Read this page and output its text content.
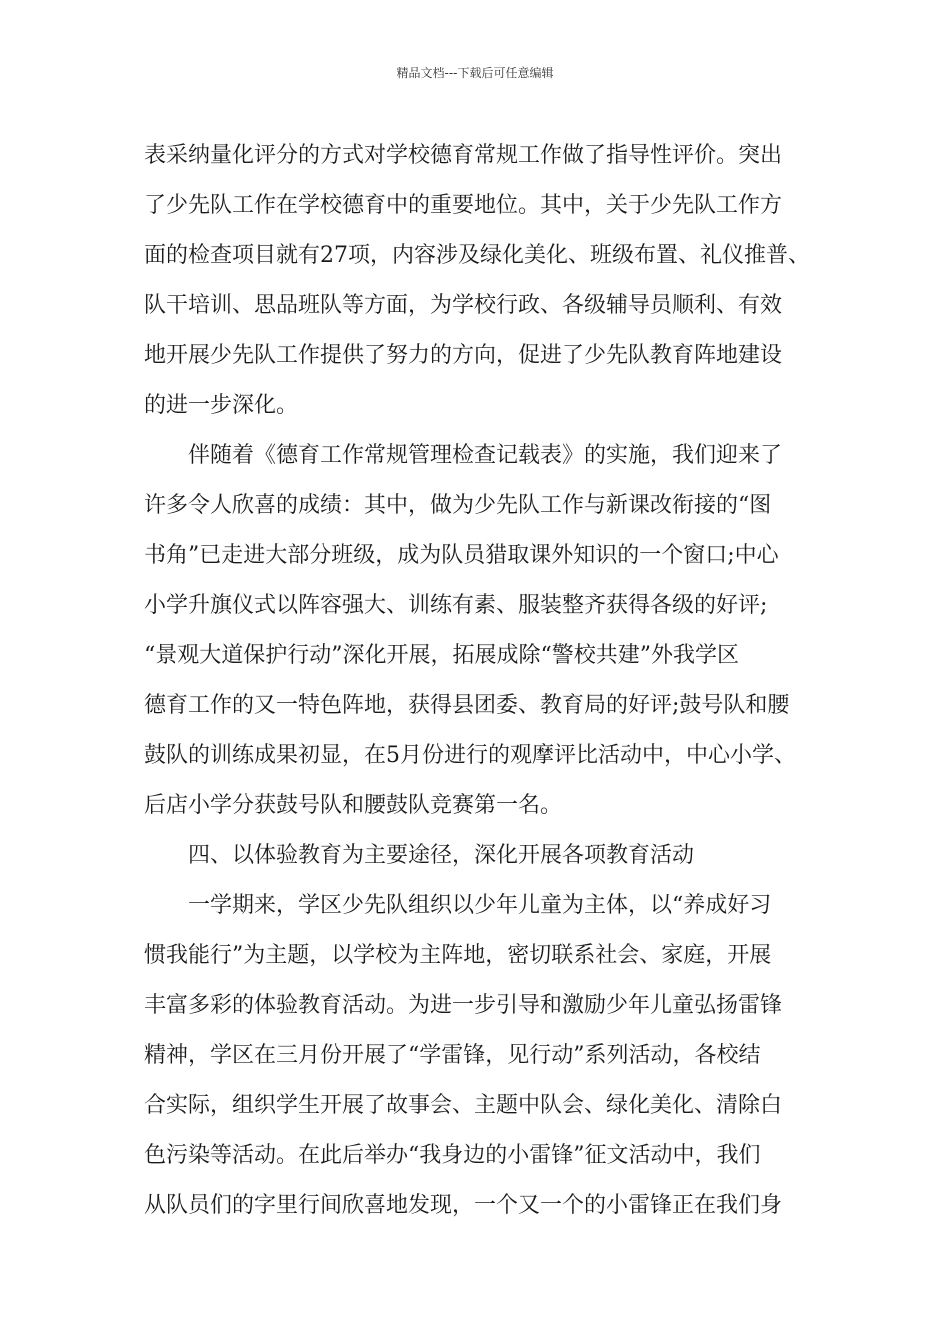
精品文档---下载后可任意编辑
表采纳量化评分的方式对学校德育常规工作做了指导性评价。突出
了少先队工作在学校德育中的重要地位。其中，关于少先队工作方
面的检查项目就有27项，内容涉及绿化美化、班级布置、礼仪推普、
队干培训、思品班队等方面，为学校行政、各级辅导员顺利、有效
地开展少先队工作提供了努力的方向，促进了少先队教育阵地建设
的进一步深化。
　　伴随着《德育工作常规管理检查记载表》的实施，我们迎来了
许多令人欣喜的成绩：其中，做为少先队工作与新课改衔接的“图
书角”已走进大部分班级，成为队员猎取课外知识的一个窗口;中心
小学升旗仪式以阵容强大、训练有素、服装整齐获得各级的好评;
“景观大道保护行动”深化开展，拓展成除“警校共建”外我学区
德育工作的又一特色阵地，获得县团委、教育局的好评;鼓号队和腰
鼓队的训练成果初显，在5月份进行的观摩评比活动中，中心小学、
后店小学分获鼓号队和腰鼓队竞赛第一名。
　　四、以体验教育为主要途径，深化开展各项教育活动
　　一学期来，学区少先队组织以少年儿童为主体，以“养成好习
惯我能行”为主题，以学校为主阵地，密切联系社会、家庭，开展
丰富多彩的体验教育活动。为进一步引导和激励少年儿童弘扬雷锋
精神，学区在三月份开展了“学雷锋，见行动”系列活动，各校结
合实际，组织学生开展了故事会、主题中队会、绿化美化、清除白
色污染等活动。在此后举办“我身边的小雷锋”征文活动中，我们
从队员们的字里行间欣喜地发现，一个又一个的小雷锋正在我们身
